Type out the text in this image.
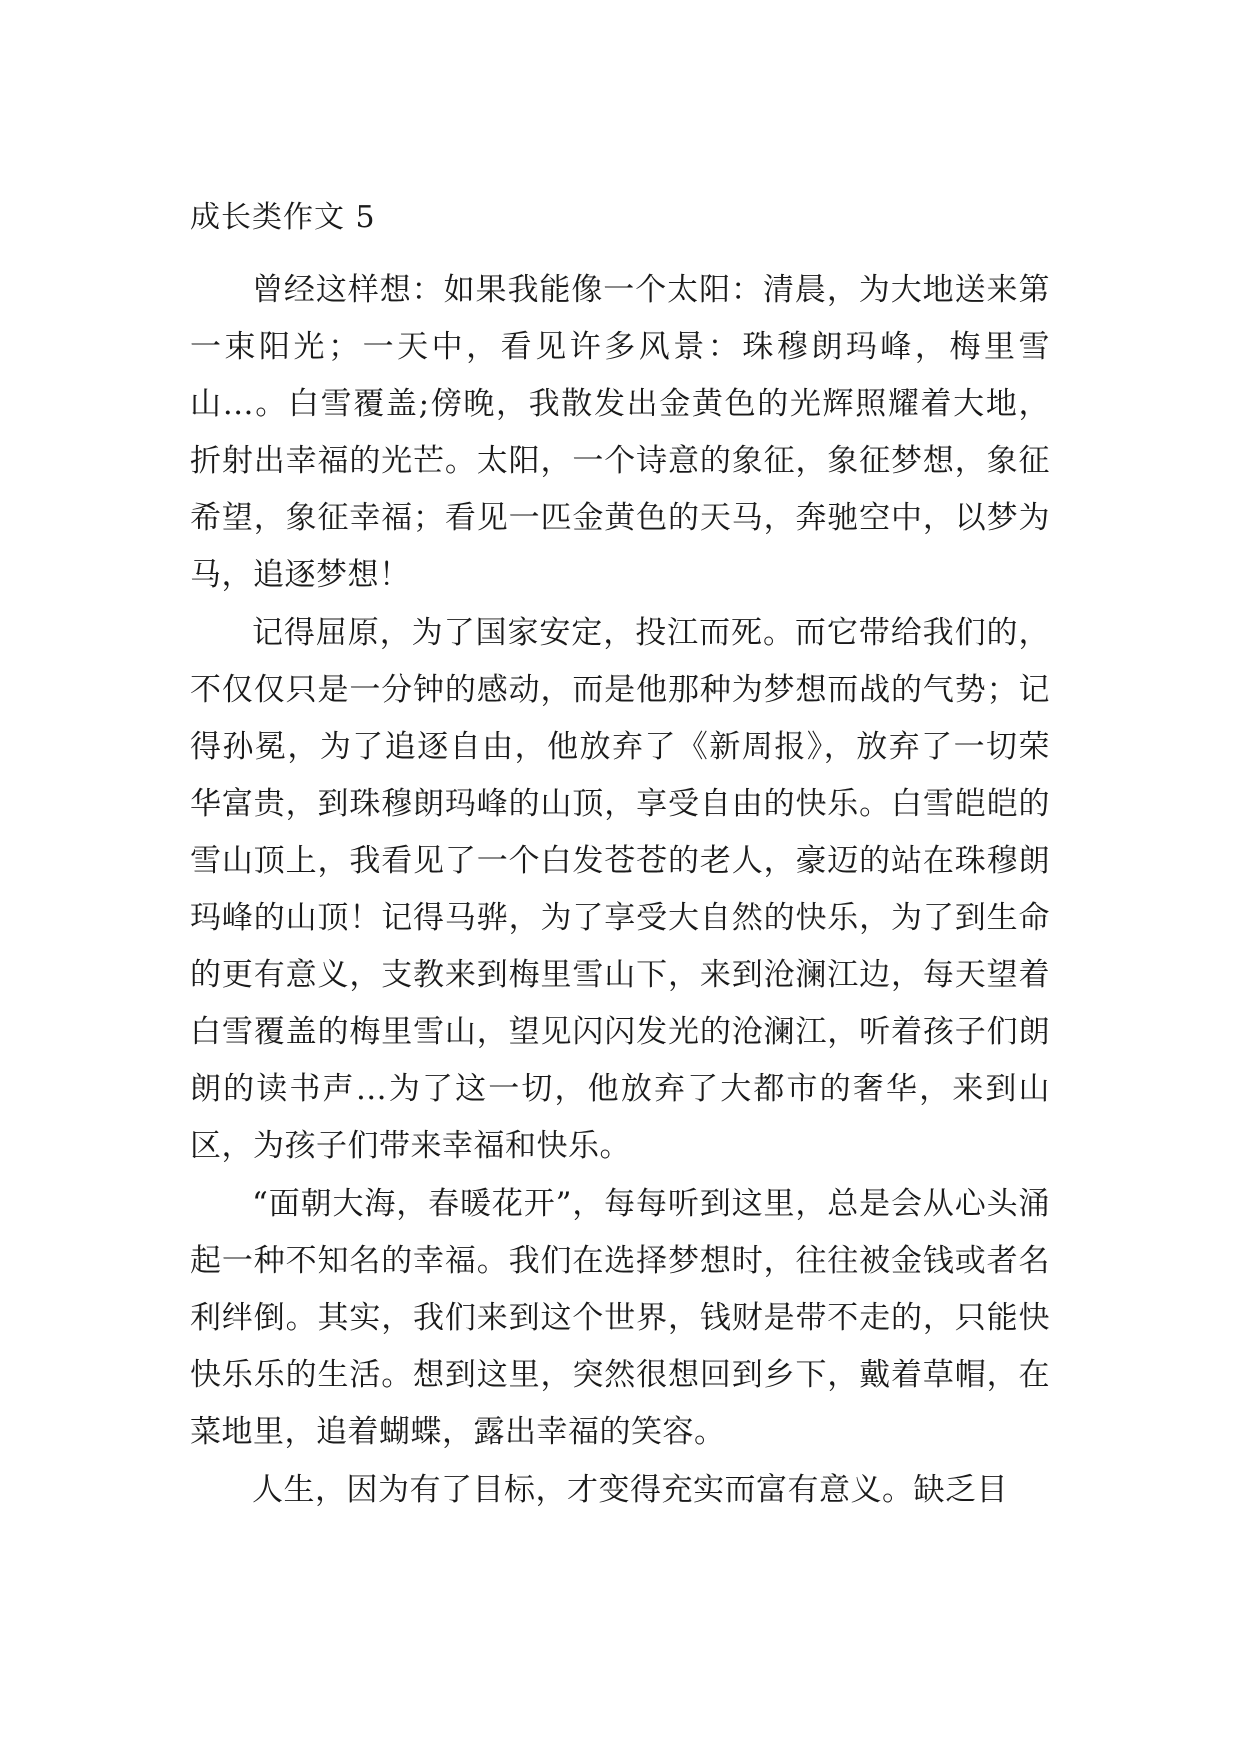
成长类作文 5

曾经这样想：如果我能像一个太阳：清晨，为大地送来第一束阳光；一天中，看见许多风景：珠穆朗玛峰，梅里雪山…。白雪覆盖;傍晚，我散发出金黄色的光辉照耀着大地，折射出幸福的光芒。太阳，一个诗意的象征，象征梦想，象征希望，象征幸福；看见一匹金黄色的天马，奔驰空中，以梦为马，追逐梦想！

记得屈原，为了国家安定，投江而死。而它带给我们的，不仅仅只是一分钟的感动，而是他那种为梦想而战的气势；记得孙冕，为了追逐自由，他放弃了《新周报》，放弃了一切荣华富贵，到珠穆朗玛峰的山顶，享受自由的快乐。白雪皑皑的雪山顶上，我看见了一个白发苍苍的老人，豪迈的站在珠穆朗玛峰的山顶！记得马骅，为了享受大自然的快乐，为了到生命的更有意义，支教来到梅里雪山下，来到沧澜江边，每天望着白雪覆盖的梅里雪山，望见闪闪发光的沧澜江，听着孩子们朗朗的读书声…为了这一切，他放弃了大都市的奢华，来到山区，为孩子们带来幸福和快乐。

“面朝大海，春暖花开”，每每听到这里，总是会从心头涌起一种不知名的幸福。我们在选择梦想时，往往被金钱或者名利绊倒。其实，我们来到这个世界，钱财是带不走的，只能快快乐乐的生活。想到这里，突然很想回到乡下，戴着草帽，在菜地里，追着蝴蝶，露出幸福的笑容。

人生，因为有了目标，才变得充实而富有意义。缺乏目
